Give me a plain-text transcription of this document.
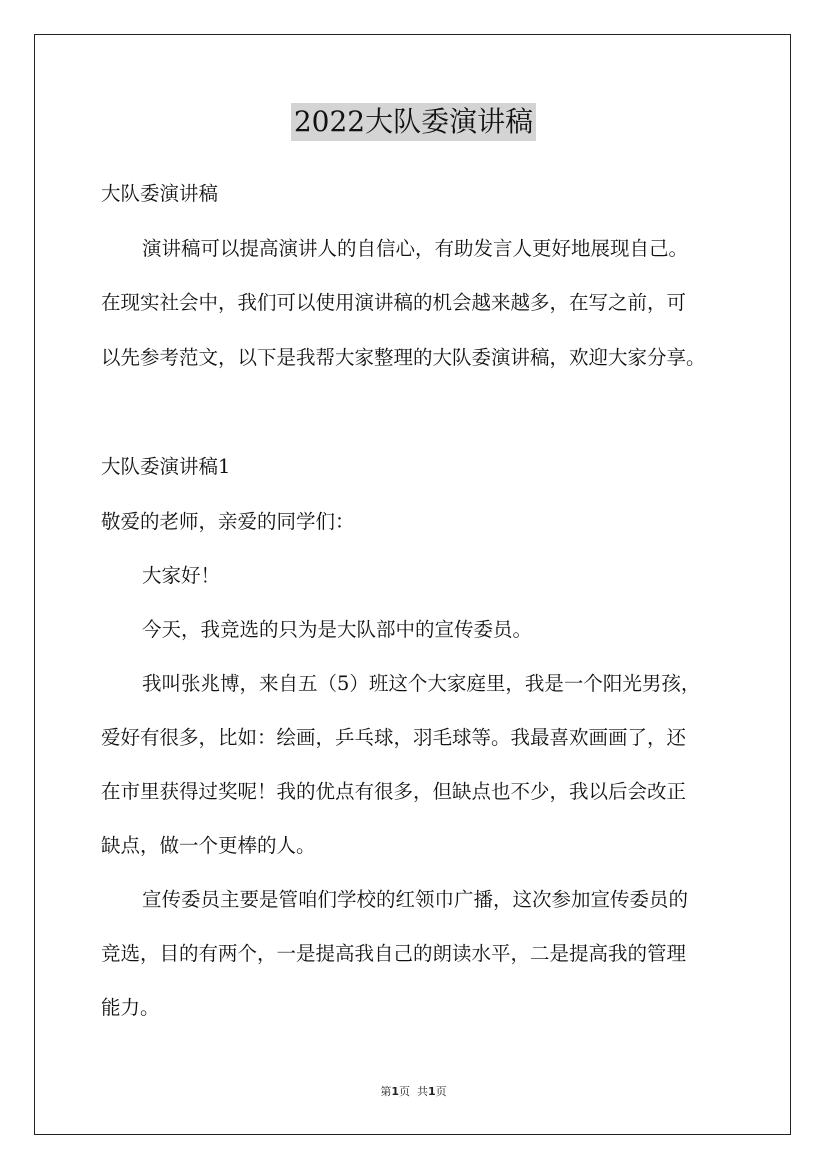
2022大队委演讲稿
大队委演讲稿
演讲稿可以提高演讲人的自信心，有助发言人更好地展现自己。
在现实社会中，我们可以使用演讲稿的机会越来越多，在写之前，可
以先参考范文，以下是我帮大家整理的大队委演讲稿，欢迎大家分享。
大队委演讲稿1
敬爱的老师，亲爱的同学们：
大家好！
今天，我竞选的只为是大队部中的宣传委员。
我叫张兆博，来自五（5）班这个大家庭里，我是一个阳光男孩，
爱好有很多，比如：绘画，乒乓球，羽毛球等。我最喜欢画画了，还
在市里获得过奖呢！我的优点有很多，但缺点也不少，我以后会改正
缺点，做一个更棒的人。
宣传委员主要是管咱们学校的红领巾广播，这次参加宣传委员的
竞选，目的有两个，一是提高我自己的朗读水平，二是提高我的管理
能力。
第1页 共1页
